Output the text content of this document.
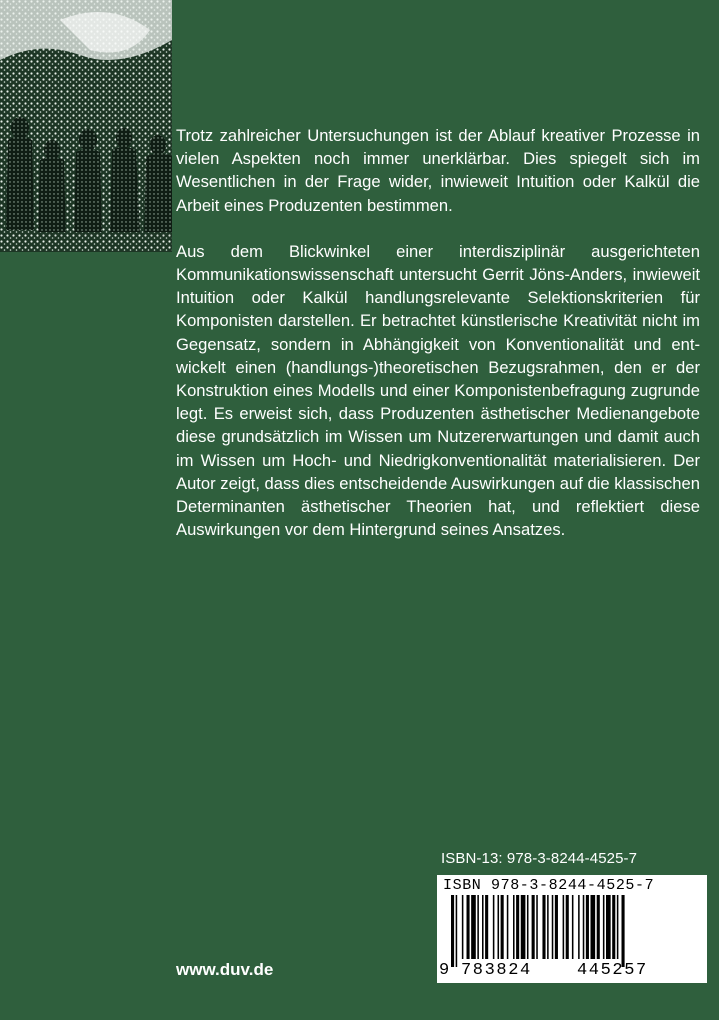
Trotz zahlreicher Untersuchungen ist der Ablauf kreativer Prozesse in vielen Aspekten noch immer unerklärbar. Dies spiegelt sich im Wesentlichen in der Frage wider, inwieweit Intuition oder Kalkül die Arbeit eines Produzenten bestimmen.

Aus dem Blickwinkel einer interdisziplinär ausgerichteten Kommunikationswissenschaft untersucht Gerrit Jöns-Anders, inwieweit Intuition oder Kalkül handlungsrelevante Selektionskriterien für Komponisten darstellen. Er betrachtet künstlerische Kreativität nicht im Gegensatz, sondern in Abhängigkeit von Konventionalität und entwickelt einen (handlungs-)theoretischen Bezugsrahmen, den er der Konstruktion eines Modells und einer Komponistenbefragung zugrunde legt. Es erweist sich, dass Produzenten ästhetischer Medienangebote diese grundsätzlich im Wissen um Nutzererwartungen und damit auch im Wissen um Hoch- und Niedrigkonventionalität materialisieren. Der Autor zeigt, dass dies entscheidende Auswirkungen auf die klassischen Determinanten ästhetischer Theorien hat, und reflektiert diese Auswirkungen vor dem Hintergrund seines Ansatzes.

ISBN-13: 978-3-8244-4525-7
ISBN 978-3-8244-4525-7
9 783824	445257
www.duv.de
